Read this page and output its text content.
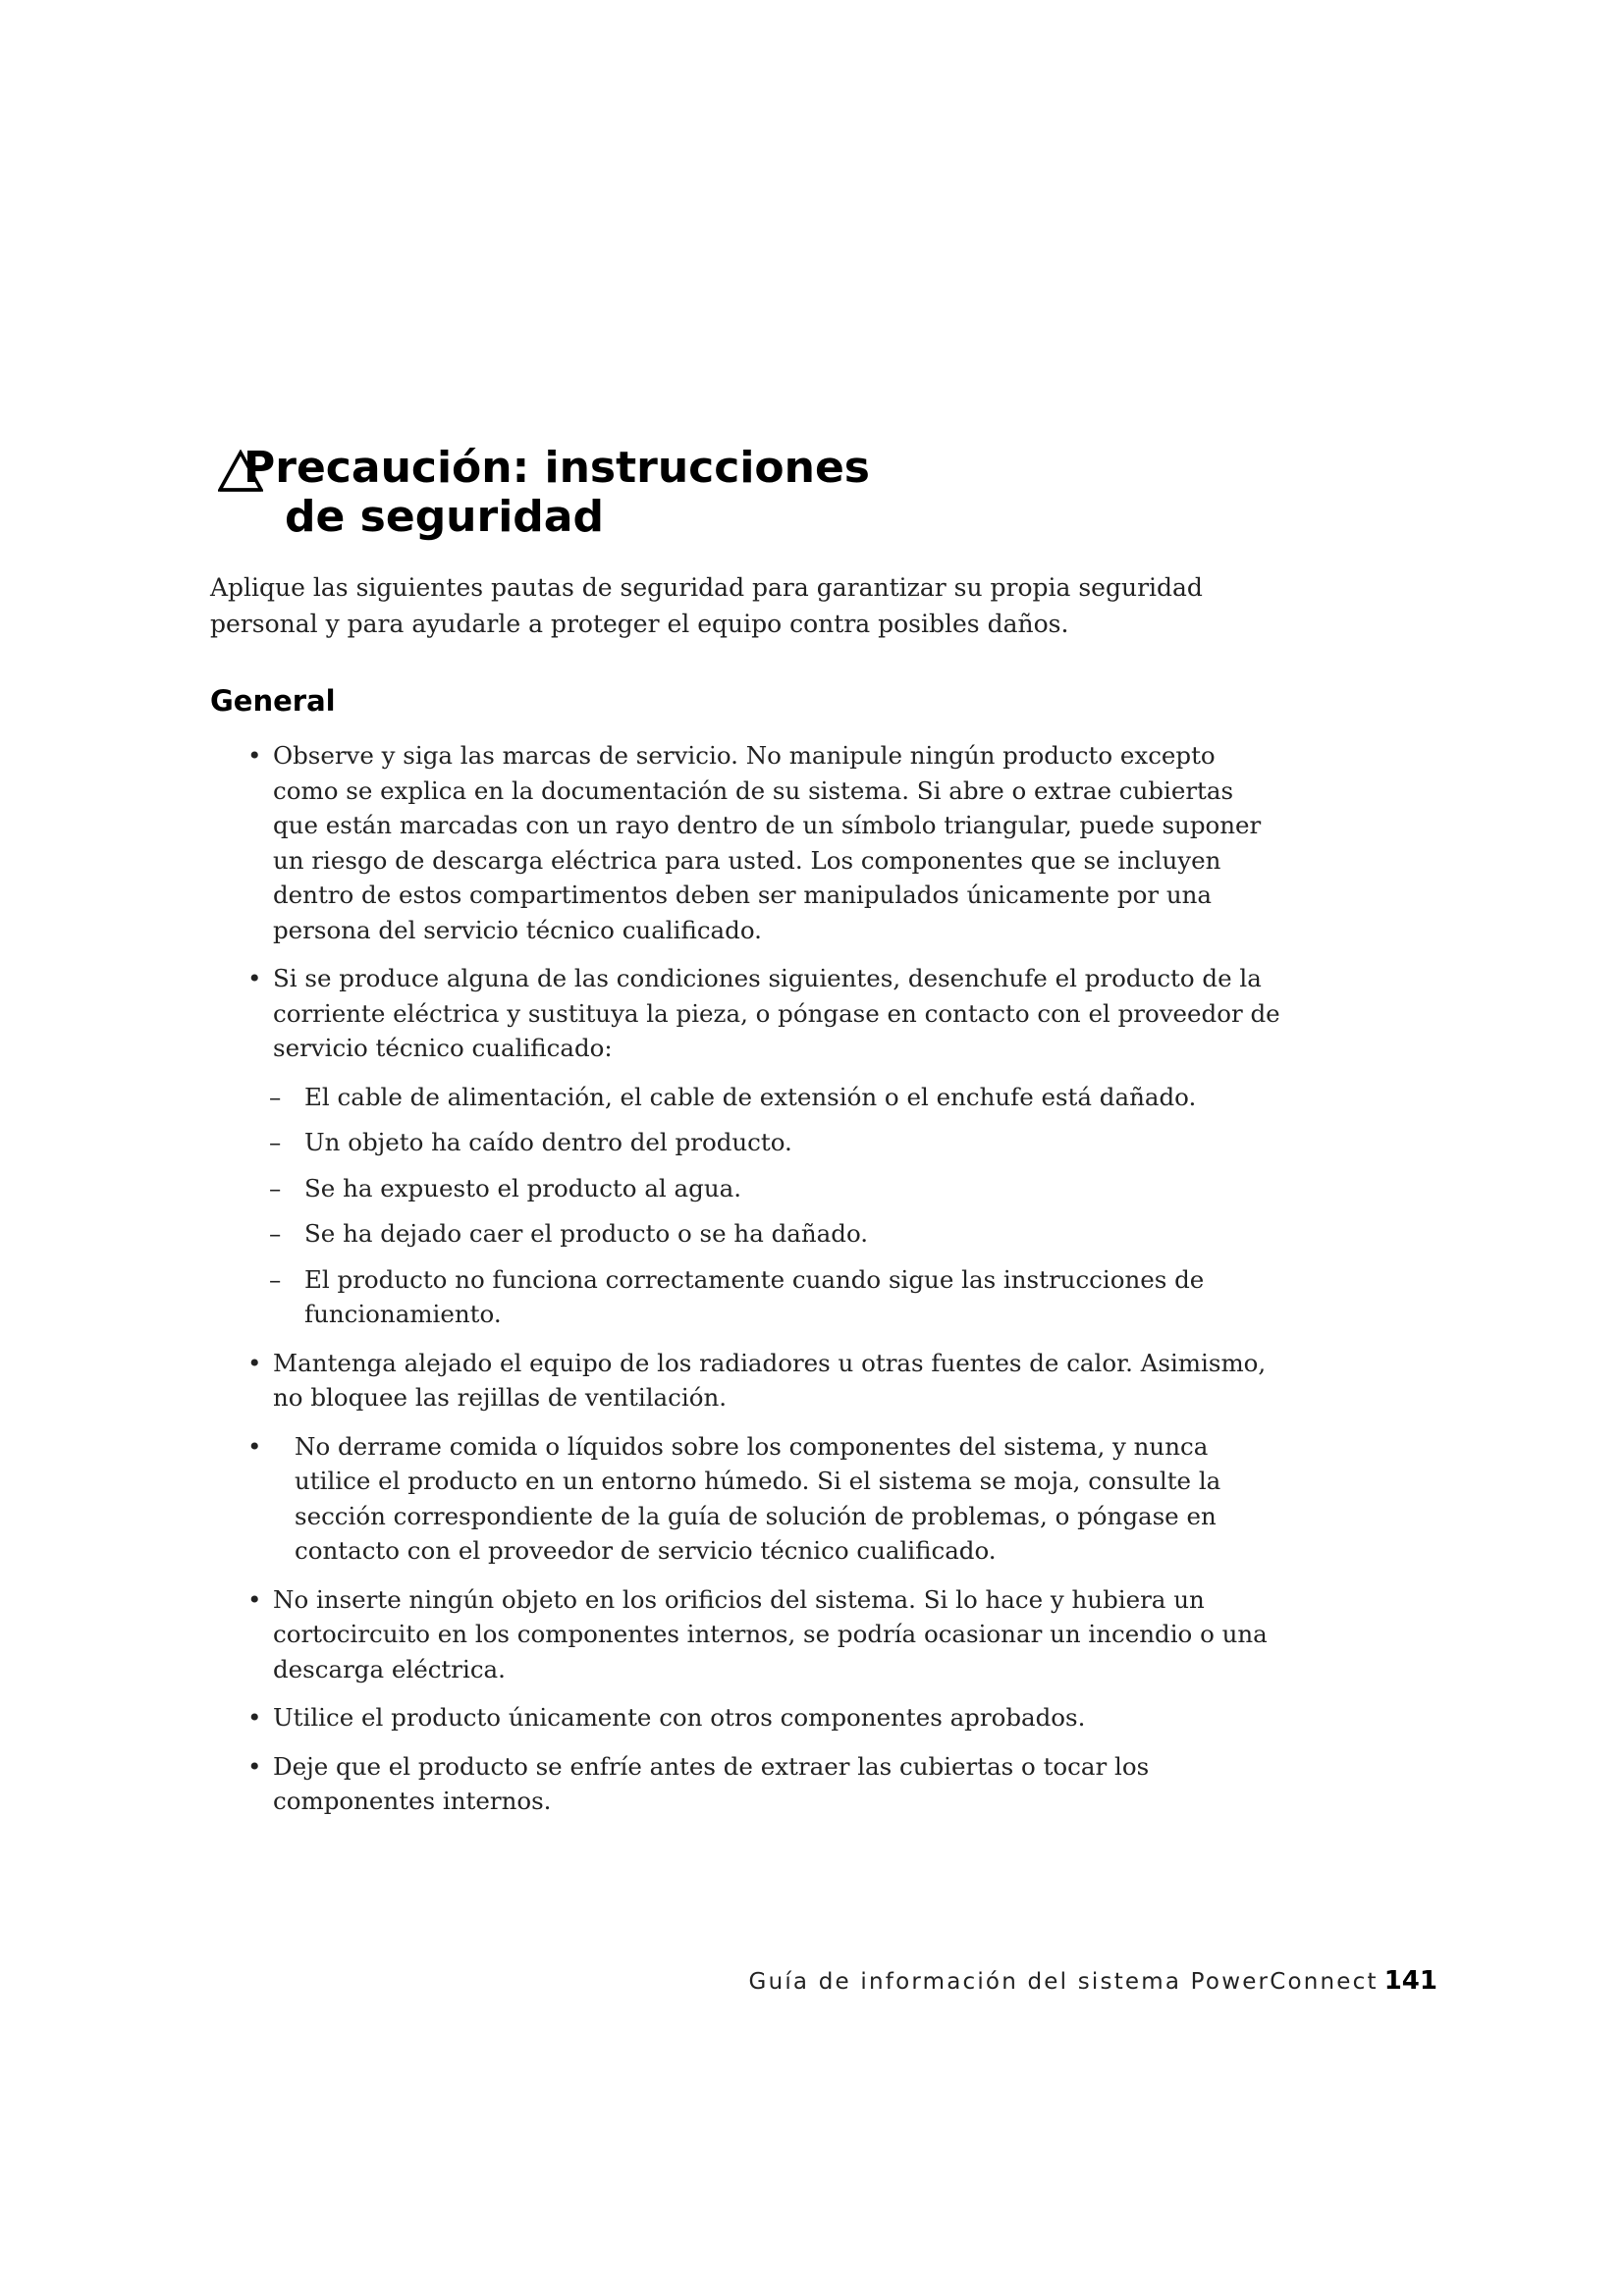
Precaución: instrucciones
de seguridad

Aplique las siguientes pautas de seguridad para garantizar su propia seguridad personal y para ayudarle a proteger el equipo contra posibles daños.

General
• Observe y siga las marcas de servicio. No manipule ningún producto excepto como se explica en la documentación de su sistema. Si abre o extrae cubiertas que están marcadas con un rayo dentro de un símbolo triangular, puede suponer un riesgo de descarga eléctrica para usted. Los componentes que se incluyen dentro de estos compartimentos deben ser manipulados únicamente por una persona del servicio técnico cualificado.
• Si se produce alguna de las condiciones siguientes, desenchufe el producto de la corriente eléctrica y sustituya la pieza, o póngase en contacto con el proveedor de servicio técnico cualificado:
– El cable de alimentación, el cable de extensión o el enchufe está dañado.
– Un objeto ha caído dentro del producto.
– Se ha expuesto el producto al agua.
– Se ha dejado caer el producto o se ha dañado.
– El producto no funciona correctamente cuando sigue las instrucciones de funcionamiento.
• Mantenga alejado el equipo de los radiadores u otras fuentes de calor. Asimismo, no bloquee las rejillas de ventilación.
• No derrame comida o líquidos sobre los componentes del sistema, y nunca utilice el producto en un entorno húmedo. Si el sistema se moja, consulte la sección correspondiente de la guía de solución de problemas, o póngase en contacto con el proveedor de servicio técnico cualificado.
• No inserte ningún objeto en los orificios del sistema. Si lo hace y hubiera un cortocircuito en los componentes internos, se podría ocasionar un incendio o una descarga eléctrica.
• Utilice el producto únicamente con otros componentes aprobados.
• Deje que el producto se enfríe antes de extraer las cubiertas o tocar los componentes internos.
Guía de información del sistema PowerConnect 141
